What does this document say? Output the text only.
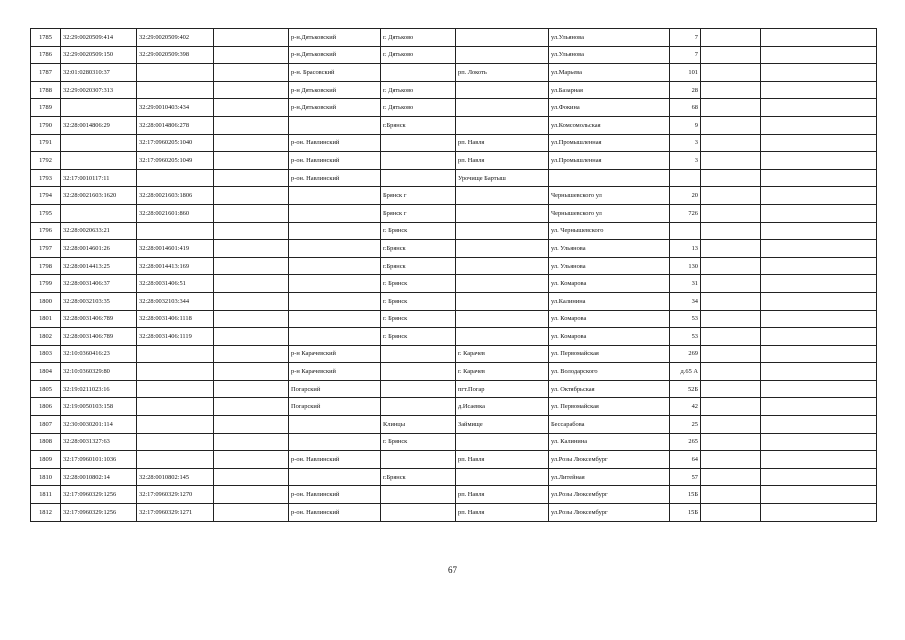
1785	32:29:0020509:414	32:29:0020509:402		р-н.Дятьковский	г. Дятьково		ул.Ульянова	7		
1786	32:29:0020509:150	32:29:0020509:398		р-н.Дятьковский	г. Дятьково		ул.Ульянова	7		
1787	32:01:0280310:37			р-н. Брасовский		рп. Локоть	ул.Марьева	101		
1788	32:29:0020307:313			р-н Дятьковский	г. Дятьково		ул.Базарная	28		
1789		32:29:0010403:434		р-н.Дятьковский	г. Дятьково		ул.Фокина	68		
1790	32:28:0014806:29	32:28:0014806:278			г.Брянск		ул.Комсомольская	9		
1791		32:17:0960205:1040		р-он. Навлинский		рп. Навля	ул.Промышленная	3		
1792		32:17:0960205:1049		р-он. Навлинский		рп. Навля	ул.Промышленная	3		
1793	32:17:0010117:11			р-он. Навлинский		Урочище Бартыш				
1794	32:28:0021603:1620	32:28:0021603:1806			Брянск г		Чернышевского ул	20		
1795		32:28:0021601:860			Брянск г		Чернышевского ул	726		
1796	32:28:0020633:21				г. Брянск		ул. Чернышевского			
1797	32:28:0014601:26	32:28:0014601:419			г.Брянск		ул. Ульянова	13		
1798	32:28:0014413:25	32:28:0014413:169			г.Брянск		ул. Ульянова	130		
1799	32:28:0031406:37	32:28:0031406:51			г. Брянск		ул. Комарова	31		
1800	32:28:0032103:35	32:28:0032103:344			г. Брянск		ул.Калинина	34		
1801	32:28:0031406:789	32:28:0031406:1118			г. Брянск		ул. Комарова	53		
1802	32:28:0031406:789	32:28:0031406:1119			г. Брянск		ул. Комарова	53		
1803	32:10:0360416:23			р-н Карачевский		г. Карачев	ул. Первомайская	269		
1804	32:10:0360329:80			р-н Карачевский		г. Карачев	ул. Володарского	д.65 А		
1805	32:19:0211023:16			Погарский		пгт.Погар	ул. Октябрьская	52Б		
1806	32:19:0050103:158			Погарский		д.Исаевка	ул. Первомайская	42		
1807	32:30:0030201:114				Клинцы	Займище	Бессарабова	25		
1808	32:28:0031327:63				г. Брянск		ул. Калинина	265		
1809	32:17:0960101:1036			р-он. Навлинский		рп. Навля	ул.Розы Люксембург	64		
1810	32:28:0010802:14	32:28:0010802:145			г.Брянск		ул.Литейная	57		
1811	32:17:0960329:1256	32:17:0960329:1270		р-он. Навлинский		рп. Навля	ул.Розы Люксембург	15Б		
1812	32:17:0960329:1256	32:17:0960329:1271		р-он. Навлинский		рп. Навля	ул.Розы Люксембург	15Б		
67
